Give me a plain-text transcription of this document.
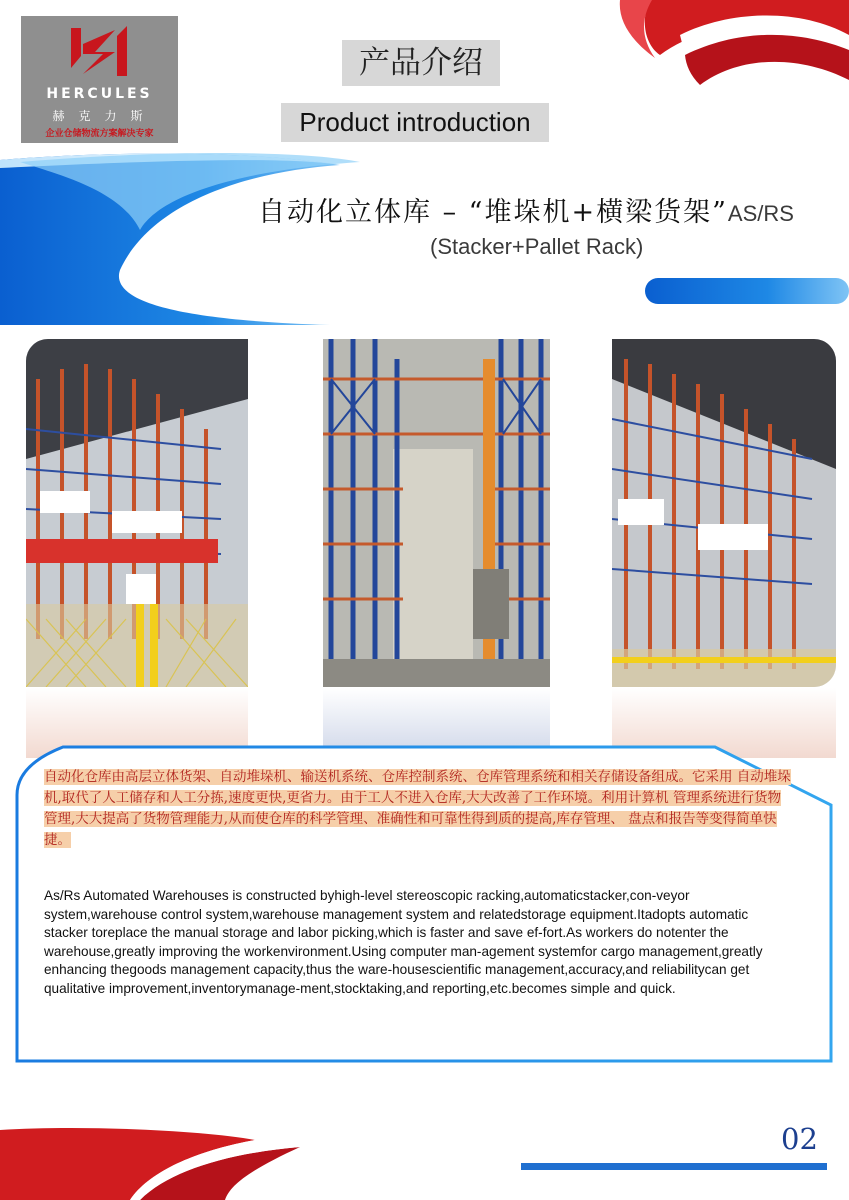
HERCULES
赫克力斯
企业仓储物流方案解决专家
产品介绍
Product introduction
自动化立体库 – “堆垛机+横梁货架”AS/RS
(Stacker+Pallet Rack)
自动化仓库由高层立体货架、自动堆垛机、输送机系统、仓库控制系统、仓库管理系统和相关存储设备组成。它采用 自动堆垛机,取代了人工储存和人工分拣,速度更快,更省力。由于工人不进入仓库,大大改善了工作环境。利用计算机 管理系统进行货物管理,大大提高了货物管理能力,从而使仓库的科学管理、准确性和可靠性得到质的提高,库存管理、 盘点和报告等变得简单快捷。
As/Rs Automated Warehouses is constructed byhigh-level stereoscopic racking,automaticstacker,con-veyor system,warehouse control system,warehouse management system and relatedstorage equipment.Itadopts automatic stacker toreplace the manual storage and labor picking,which is faster and save ef-fort.As workers do notenter the warehouse,greatly improving the workenvironment.Using computer man-agement systemfor cargo management,greatly enhancing thegoods management capacity,thus the ware-housescientific management,accuracy,and reliabilitycan get qualitative improvement,inventorymanage-ment,stocktaking,and reporting,etc.becomes simple and quick.
02
